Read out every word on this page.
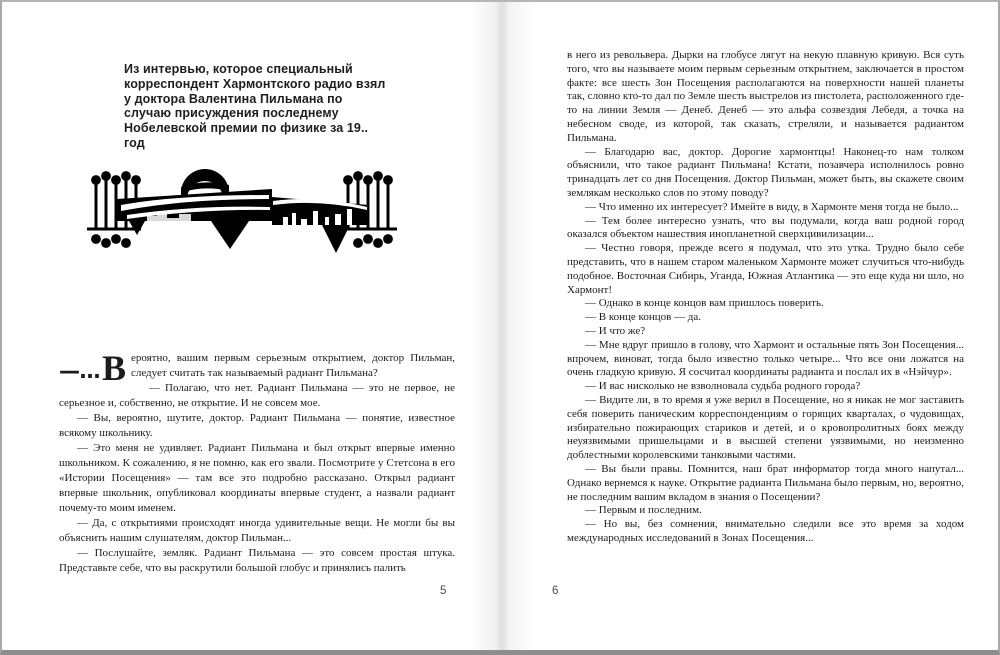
Из интервью, которое специальный корреспондент Хармонтского радио взял у доктора Валентина Пильмана по случаю присуждения последнему Нобелевской премии по физике за 19.. год

—... В ероятно, вашим первым серьезным открытием, доктор Пильман, следует считать так называемый радиант Пильмана?

— Полагаю, что нет. Радиант Пильмана — это не первое, не серьезное и, собственно, не открытие. И не совсем мое.

— Вы, вероятно, шутите, доктор. Радиант Пильмана — понятие, известное всякому школьнику.

— Это меня не удивляет. Радиант Пильмана и был открыт впервые именно школьником. К сожалению, я не помню, как его звали. Посмотрите у Стетсона в его «Истории Посещения» — там все это подробно рассказано. Открыл радиант впервые школьник, опубликовал координаты впервые студент, а назвали радиант почему-то моим именем.

— Да, с открытиями происходят иногда удивительные вещи. Не могли бы вы объяснить нашим слушателям, доктор Пильман...

— Послушайте, земляк. Радиант Пильмана — это совсем простая штука. Представьте себе, что вы раскрутили большой глобус и принялись палить

5

в него из револьвера. Дырки на глобусе лягут на некую плавную кривую. Вся суть того, что вы называете моим первым серьезным открытием, заключается в простом факте: все шесть Зон Посещения располагаются на поверхности нашей планеты так, словно кто-то дал по Земле шесть выстрелов из пистолета, расположенного где-то на линии Земля — Денеб. Денеб — это альфа созвездия Лебедя, а точка на небесном своде, из которой, так сказать, стреляли, и называется радиантом Пильмана.

— Благодарю вас, доктор. Дорогие хармонтцы! Наконец-то нам толком объяснили, что такое радиант Пильмана! Кстати, позавчера исполнилось ровно тринадцать лет со дня Посещения. Доктор Пильман, может быть, вы скажете своим землякам несколько слов по этому поводу?

— Что именно их интересует? Имейте в виду, в Хармонте меня тогда не было...

— Тем более интересно узнать, что вы подумали, когда ваш родной город оказался объектом нашествия инопланетной сверхцивилизации...

— Честно говоря, прежде всего я подумал, что это утка. Трудно было себе представить, что в нашем старом маленьком Хармонте может случиться что-нибудь подобное. Восточная Сибирь, Уганда, Южная Атлантика — это еще куда ни шло, но Хармонт!

— Однако в конце концов вам пришлось поверить.

— В конце концов — да.

— И что же?

— Мне вдруг пришло в голову, что Хармонт и остальные пять Зон Посещения... впрочем, виноват, тогда было известно только четыре... Что все они ложатся на очень гладкую кривую. Я сосчитал координаты радианта и послал их в «Нэйчур».

— И вас нисколько не взволновала судьба родного города?

— Видите ли, в то время я уже верил в Посещение, но я никак не мог заставить себя поверить паническим корреспонденциям о горящих кварталах, о чудовищах, избирательно пожирающих стариков и детей, и о кровопролитных боях между неуязвимыми пришельцами и в высшей степени уязвимыми, но неизменно доблестными королевскими танковыми частями.

— Вы были правы. Помнится, наш брат информатор тогда много напутал... Однако вернемся к науке. Открытие радианта Пильмана было первым, но, вероятно, не последним вашим вкладом в знания о Посещении?

— Первым и последним.

— Но вы, без сомнения, внимательно следили все это время за ходом международных исследований в Зонах Посещения...

6
